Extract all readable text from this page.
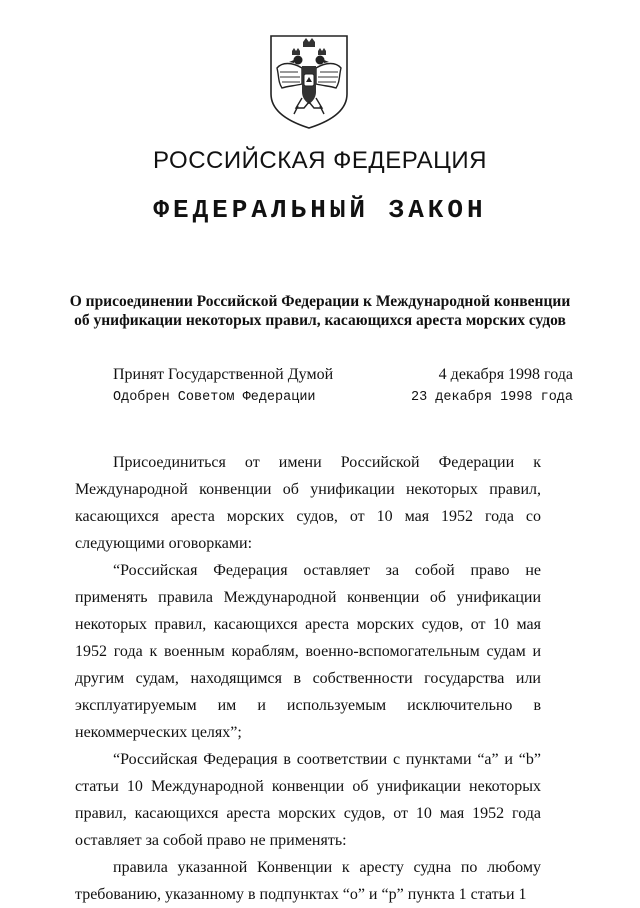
РОССИЙСКАЯ ФЕДЕРАЦИЯ
ФЕДЕРАЛЬНЫЙ ЗАКОН
О присоединении Российской Федерации к Международной конвенции
об унификации некоторых правил, касающихся ареста морских судов
Принят Государственной Думой	4 декабря 1998 года
Одобрен Советом Федерации	23 декабря 1998 года

Присоединиться от имени Российской Федерации к Международной конвенции об унификации некоторых правил, касающихся ареста морских судов, от 10 мая 1952 года со следующими оговорками:

“Российская Федерация оставляет за собой право не применять правила Международной конвенции об унификации некоторых правил, касающихся ареста морских судов, от 10 мая 1952 года к военным кораблям, военно-вспомогательным судам и другим судам, находящимся в собственности государства или эксплуатируемым им и используемым исключительно в некоммерческих целях”;

“Российская Федерация в соответствии с пунктами “а” и “b” статьи 10 Международной конвенции об унификации некоторых правил, касающихся ареста морских судов, от 10 мая 1952 года оставляет за собой право не применять:

правила указанной Конвенции к аресту судна по любому требованию, указанному в подпунктах “о” и “р” пункта 1 статьи 1
